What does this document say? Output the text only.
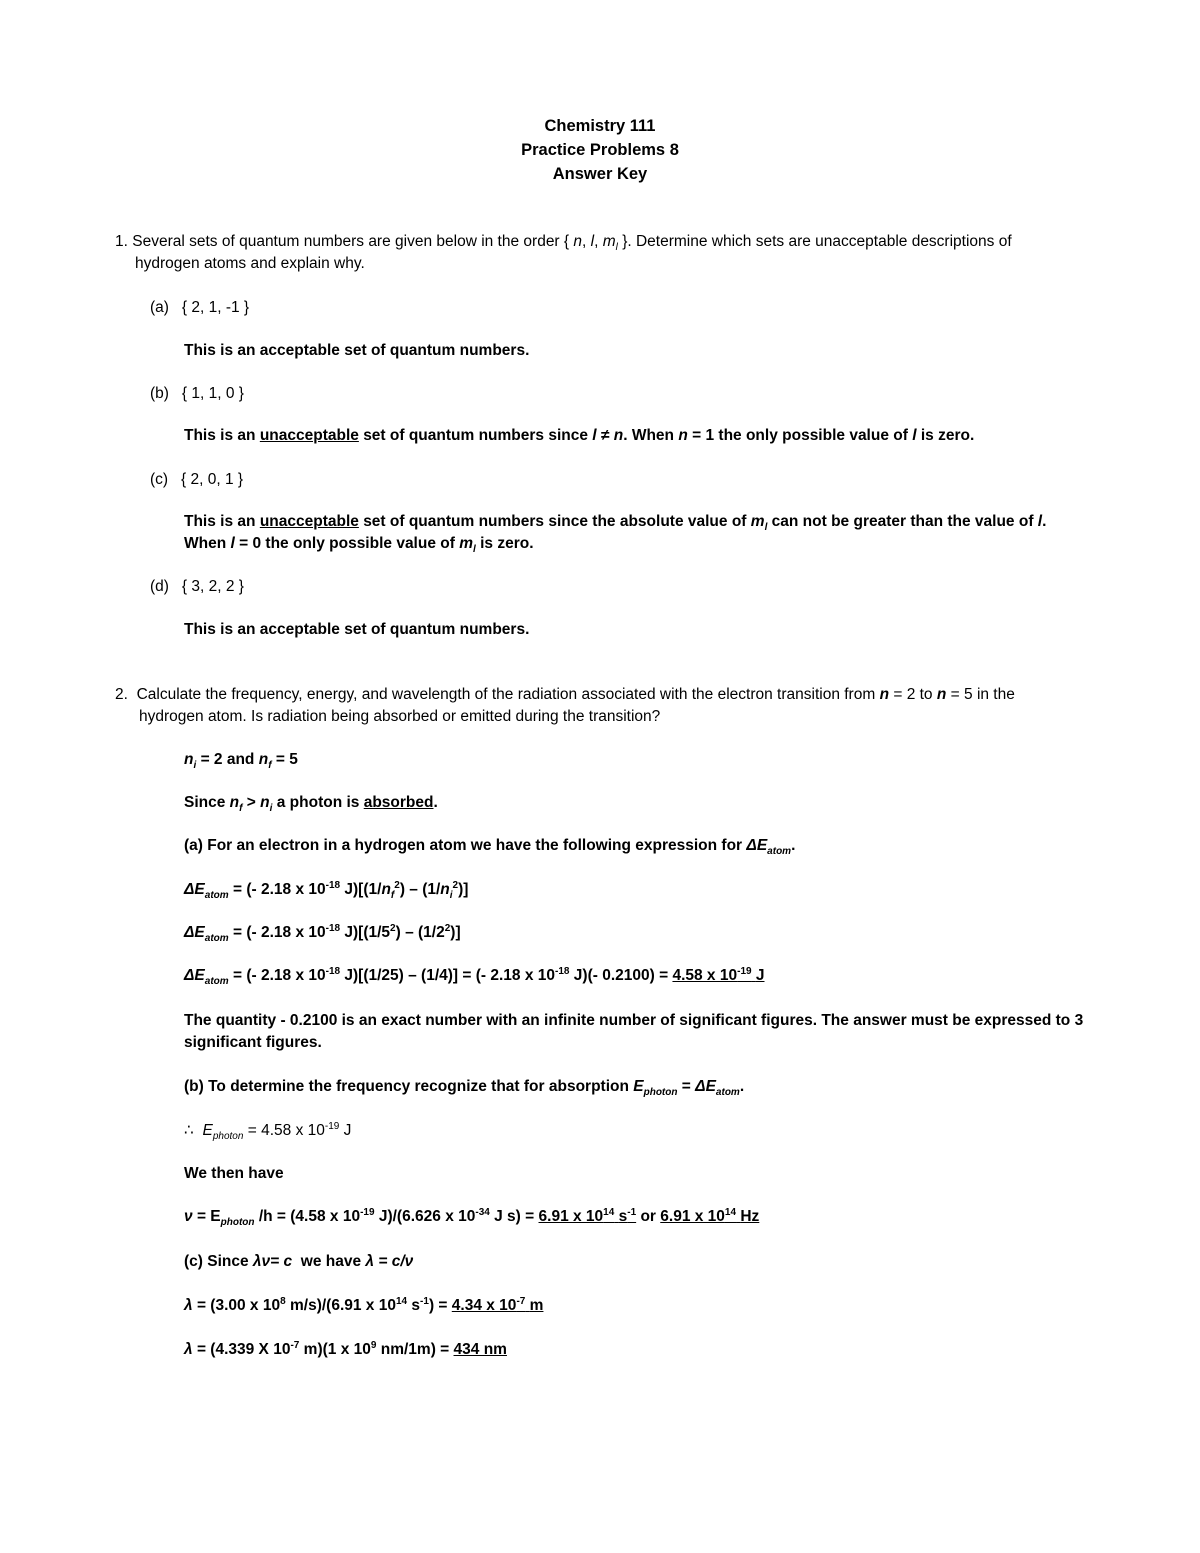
Chemistry 111
Practice Problems 8
Answer Key
1. Several sets of quantum numbers are given below in the order { n, l, $m_l$ }. Determine which sets are unacceptable descriptions of
hydrogen atoms and explain why.
(a) { 2, 1, -1 }
This is an acceptable set of quantum numbers.
(b) { 1, 1, 0 }
This is an unacceptable set of quantum numbers since l ≠ n. When n = 1 the only possible value of l is zero.
(c) { 2, 0, 1 }
This is an unacceptable set of quantum numbers since the absolute value of $m_l$ can not be greater than the value of l.
When l = 0 the only possible value of $m_l$ is zero.
(d) { 3, 2, 2 }
This is an acceptable set of quantum numbers.
2. Calculate the frequency, energy, and wavelength of the radiation associated with the electron transition from n = 2 to n = 5 in the
hydrogen atom. Is radiation being absorbed or emitted during the transition?
$n_i = 2$ and $n_f = 5$
Since $n_f > n_i$ a photon is absorbed.
(a) For an electron in a hydrogen atom we have the following expression for $\Delta E_{atom}$.
$\Delta E_{atom}$ = (- 2.18 x $10^{-18}$ $J)[(1/n_f^2) - (1/n_i^2)]$
$\Delta E_{atom}$ = (- 2.18 x $10^{-18}$ $J)[(1/5^2) - (1/2^2)]$
$\Delta E_{atom}$ = (- 2.18 x $10^{-18}$ J)[(1/25) – (1/4)] = (- 2.18 x $10^{-18}$ J)(- 0.2100) = 4.58 x $10^{-19}$ J
The quantity - 0.2100 is an exact number with an infinite number of significant figures. The answer must be expressed to 3
significant figures.
(b) To determine the frequency recognize that for absorption $E_{photon} = \Delta E_{atom}$.
∴ $E_{photon} = 4.58$ x $10^{-19}$ J
We then have
$\nu = E_{photon}$ /h = (4.58 x $10^{-19}$ J)/(6.626 x $10^{-34}$ J s) = 6.91 x $10^{14}$ $s^{-1}$ or 6.91 x $10^{14}$ Hz
(c) Since λν= c we have λ = c/ν
λ = (3.00 x $10^8$ m/s)/(6.91 x $10^{14}$ $s^{-1}) = 4.34$ x $10^{-7}$ m
λ = (4.339 X $10^{-7}$ m)(1 x $10^9$ nm/1m) = 434 nm
